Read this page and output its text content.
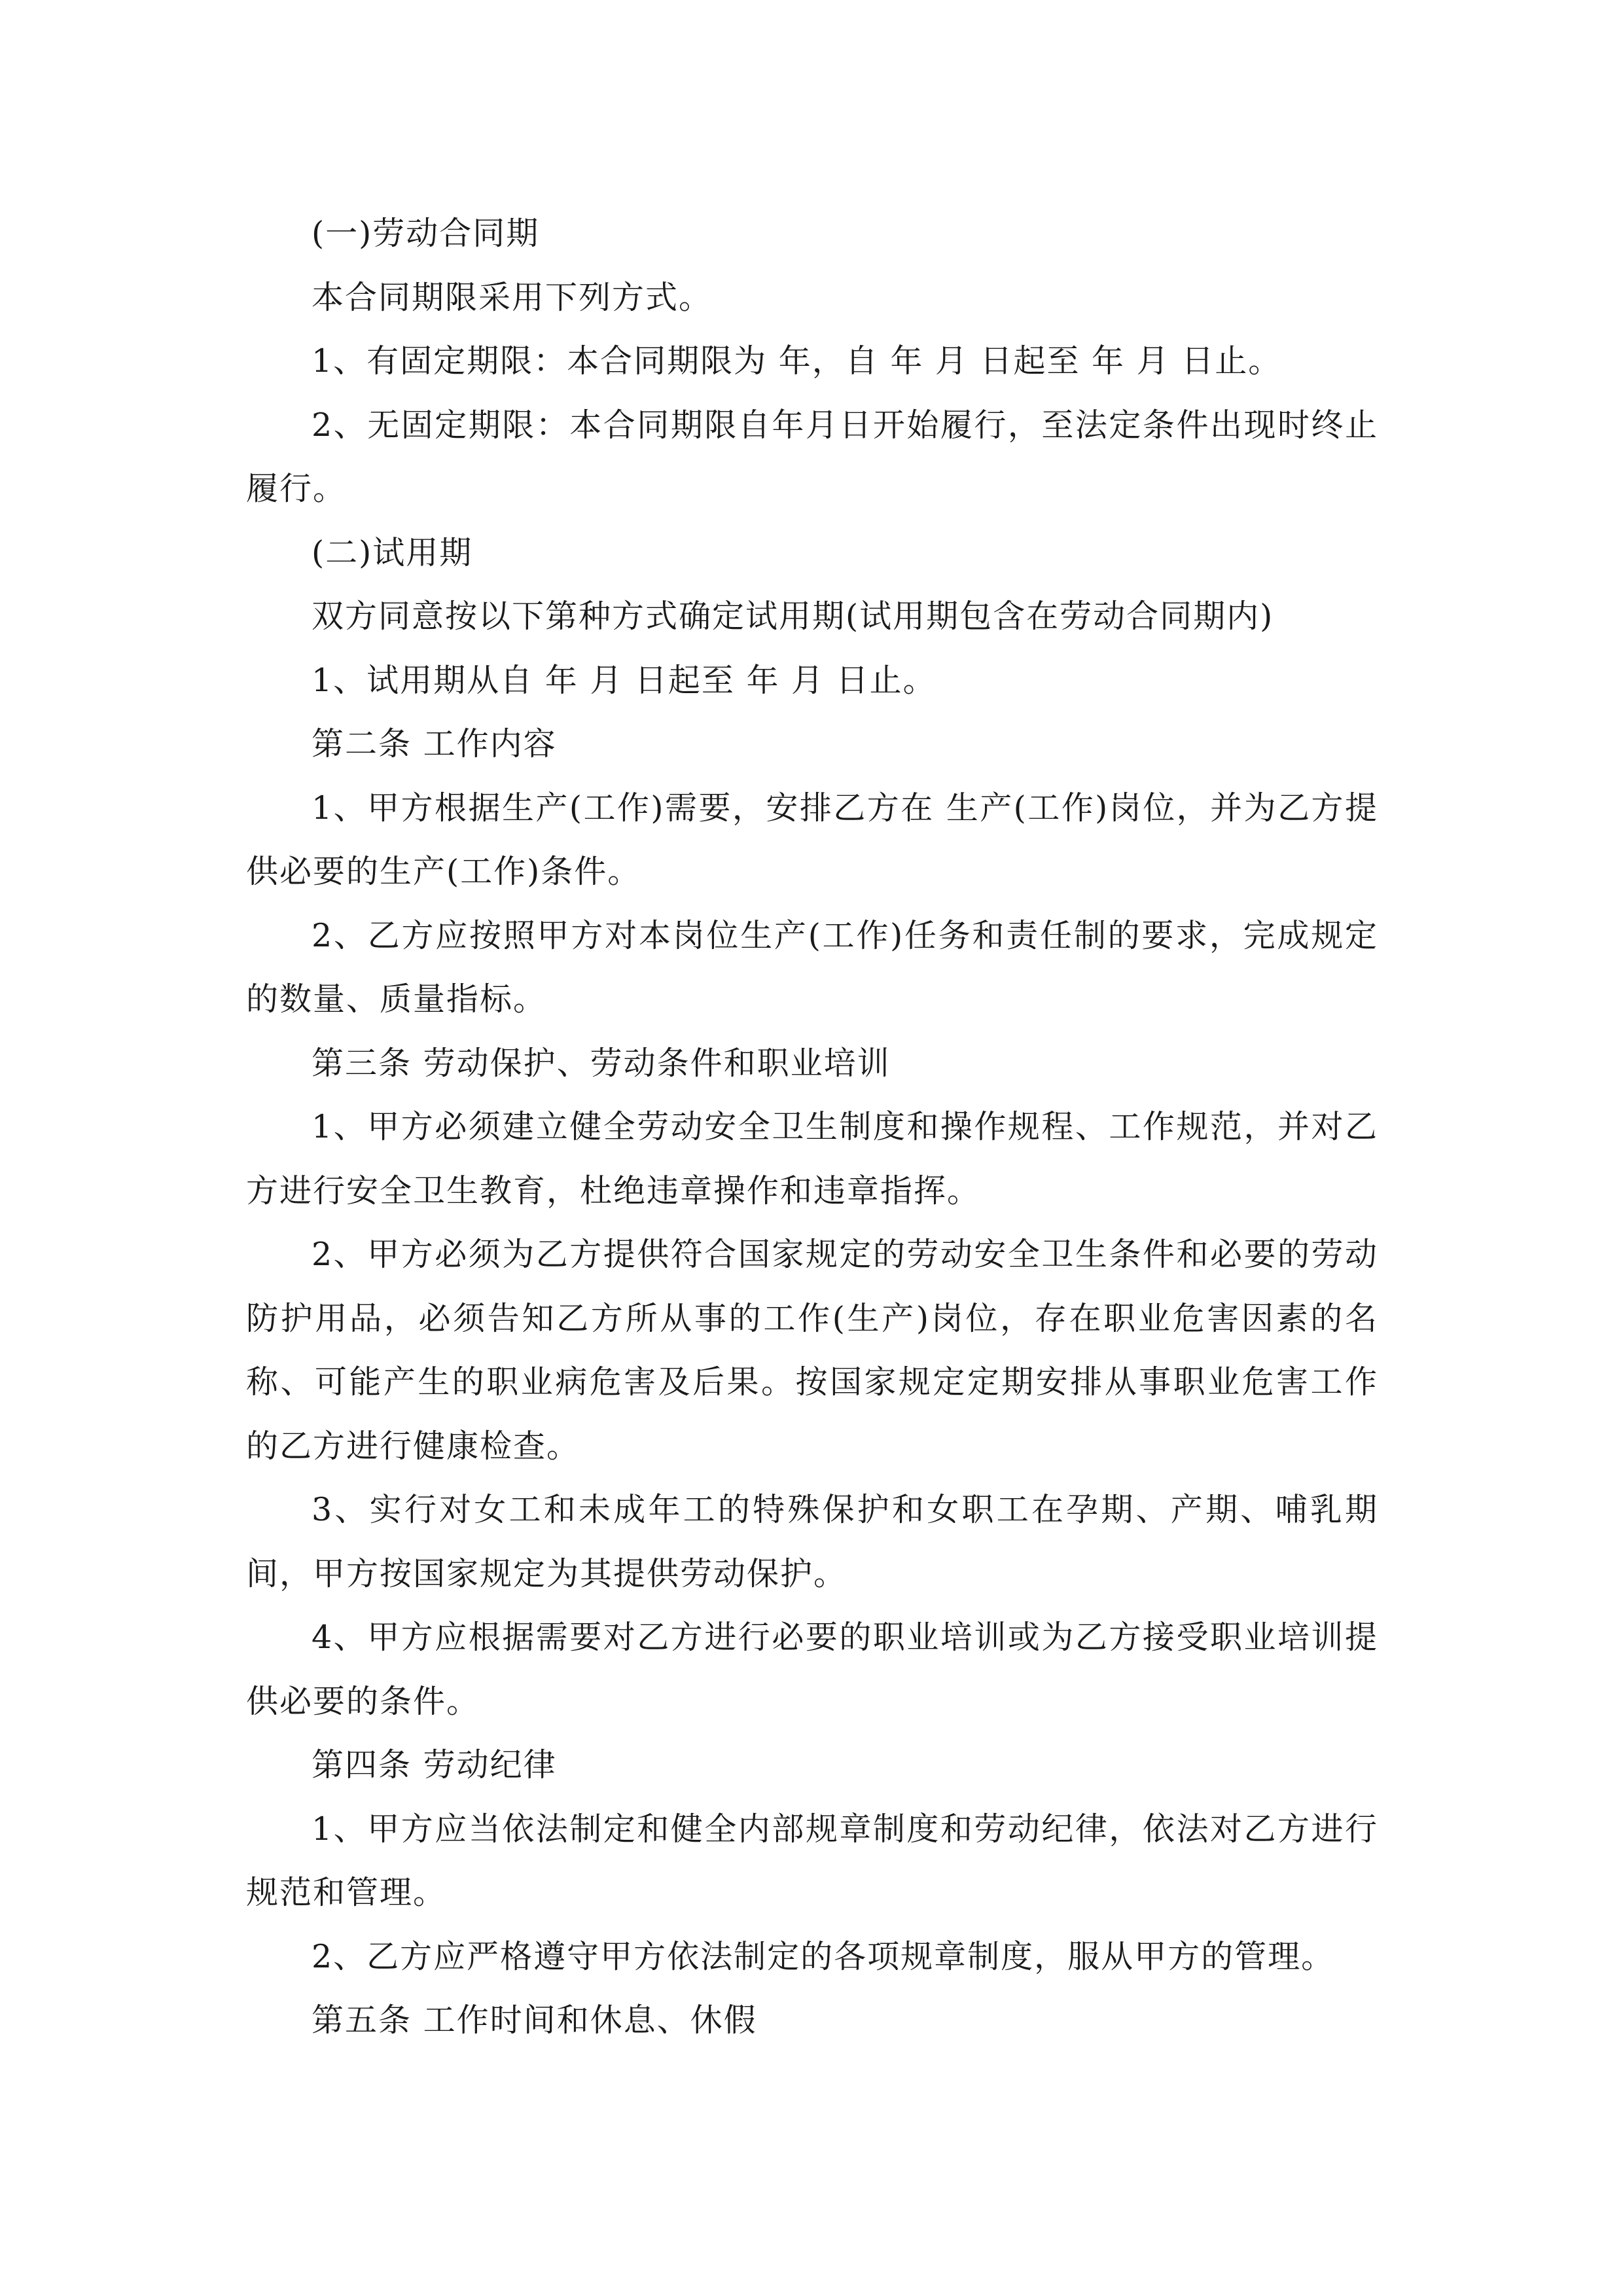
(一)劳动合同期

本合同期限采用下列方式。

1、有固定期限：本合同期限为 年，自 年 月 日起至 年 月 日止。

2、无固定期限：本合同期限自年月日开始履行，至法定条件出现时终止履行。

(二)试用期

双方同意按以下第种方式确定试用期(试用期包含在劳动合同期内)

1、试用期从自 年 月 日起至 年 月 日止。

第二条 工作内容

1、甲方根据生产(工作)需要，安排乙方在 生产(工作)岗位，并为乙方提供必要的生产(工作)条件。

2、乙方应按照甲方对本岗位生产(工作)任务和责任制的要求，完成规定的数量、质量指标。

第三条 劳动保护、劳动条件和职业培训

1、甲方必须建立健全劳动安全卫生制度和操作规程、工作规范，并对乙方进行安全卫生教育，杜绝违章操作和违章指挥。

2、甲方必须为乙方提供符合国家规定的劳动安全卫生条件和必要的劳动防护用品，必须告知乙方所从事的工作(生产)岗位，存在职业危害因素的名称、可能产生的职业病危害及后果。按国家规定定期安排从事职业危害工作的乙方进行健康检查。

3、实行对女工和未成年工的特殊保护和女职工在孕期、产期、哺乳期间，甲方按国家规定为其提供劳动保护。

4、甲方应根据需要对乙方进行必要的职业培训或为乙方接受职业培训提供必要的条件。

第四条 劳动纪律

1、甲方应当依法制定和健全内部规章制度和劳动纪律，依法对乙方进行规范和管理。

2、乙方应严格遵守甲方依法制定的各项规章制度，服从甲方的管理。

第五条 工作时间和休息、休假
